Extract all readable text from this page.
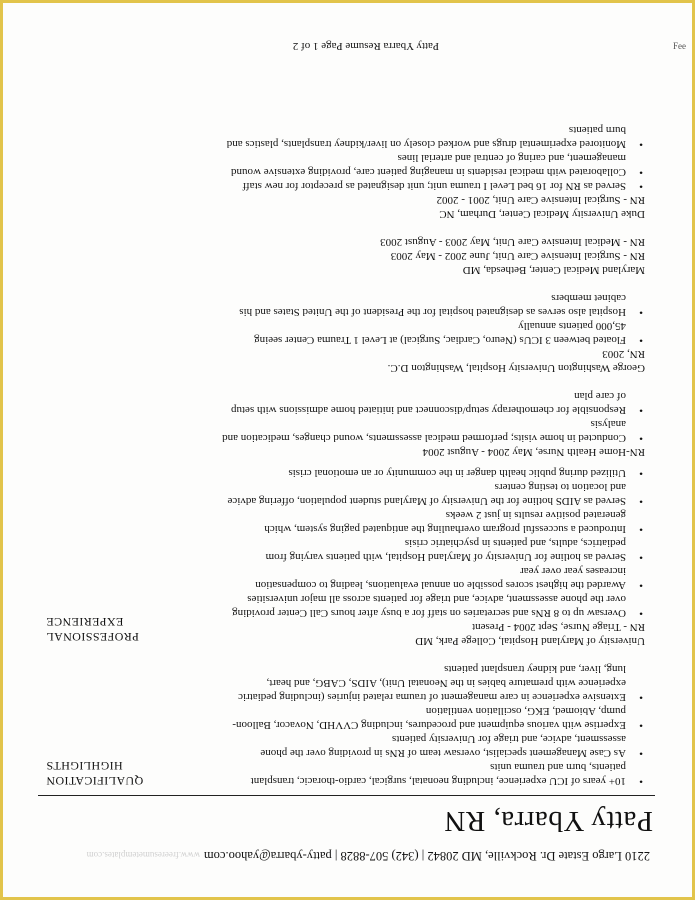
2210 Largo Estate Dr. Rockville, MD 20842 | (342) 507-8828 | patty-ybarra@yahoo.com
www.freeresumetemplates.com
Patty Ybarra, RN
QUALIFICATION
HIGHLIGHTS
PROFESSIONAL
EXPERIENCE
• 10+ years of ICU experience, including neonatal, surgical, cardio-thoracic, transplant
patients, burn and trauma units
• As Case Management specialist, oversaw team of RNs in providing over the phone
assessment, advice, and triage for University patients
• Expertise with various equipment and procedures, including CVVHD, Novacor, Balloon-
pump, Abiomed, EKG, oscillation ventilation
• Extensive experience in care management of trauma related injuries (including pediatric
experience with premature babies in the Neonatal Unit), AIDS, CABG, and heart,
lung, liver, and kidney transplant patients
University of Maryland Hospital, College Park, MD
RN - Triage Nurse, Sept 2004 - Present
• Oversaw up to 8 RNs and secretaries on staff for a busy after hours Call Center providing
over the phone assessment, advice, and triage for patients across all major universities
• Awarded the highest scores possible on annual evaluations, leading to compensation
increases year over year
• Served as hotline for University of Maryland Hospital, with patients varying from
pediatrics, adults, and patients in psychiatric crisis
• Introduced a successful program overhauling the antiquated paging system, which
generated positive results in just 2 weeks
• Served as AIDS hotline for the University of Maryland student population, offering advice
and location to testing centers
• Utilized during public health danger in the community or an emotional crisis
RN-Home Health Nurse, May 2004 - August 2004
• Conducted in home visits; performed medical assessments, wound changes, medication and
analysis
• Responsible for chemotherapy setup/disconnect and initiated home admissions with setup
of care plan
George Washington University Hospital, Washington D.C.
RN, 2003
• Floated between 3 ICUs (Neuro, Cardiac, Surgical) at Level 1 Trauma Center seeing
45,000 patients annually
• Hospital also serves as designated hospital for the President of the United States and his
cabinet members
Maryland Medical Center, Bethesda, MD
RN - Surgical Intensive Care Unit, June 2002 - May 2003
RN - Medical Intensive Care Unit, May 2003 - August 2003
Duke University Medical Center, Durham, NC
RN - Surgical Intensive Care Unit, 2001 - 2002
• Served as RN for 16 bed Level I trauma unit; unit designated as preceptor for new staff
• Collaborated with medical residents in managing patient care, providing extensive wound
management, and caring of central and arterial lines
• Monitored experimental drugs and worked closely on liver/kidney transplants, plastics and
burn patients
Patty Ybarra Resume Page 1 of 2	Fee
